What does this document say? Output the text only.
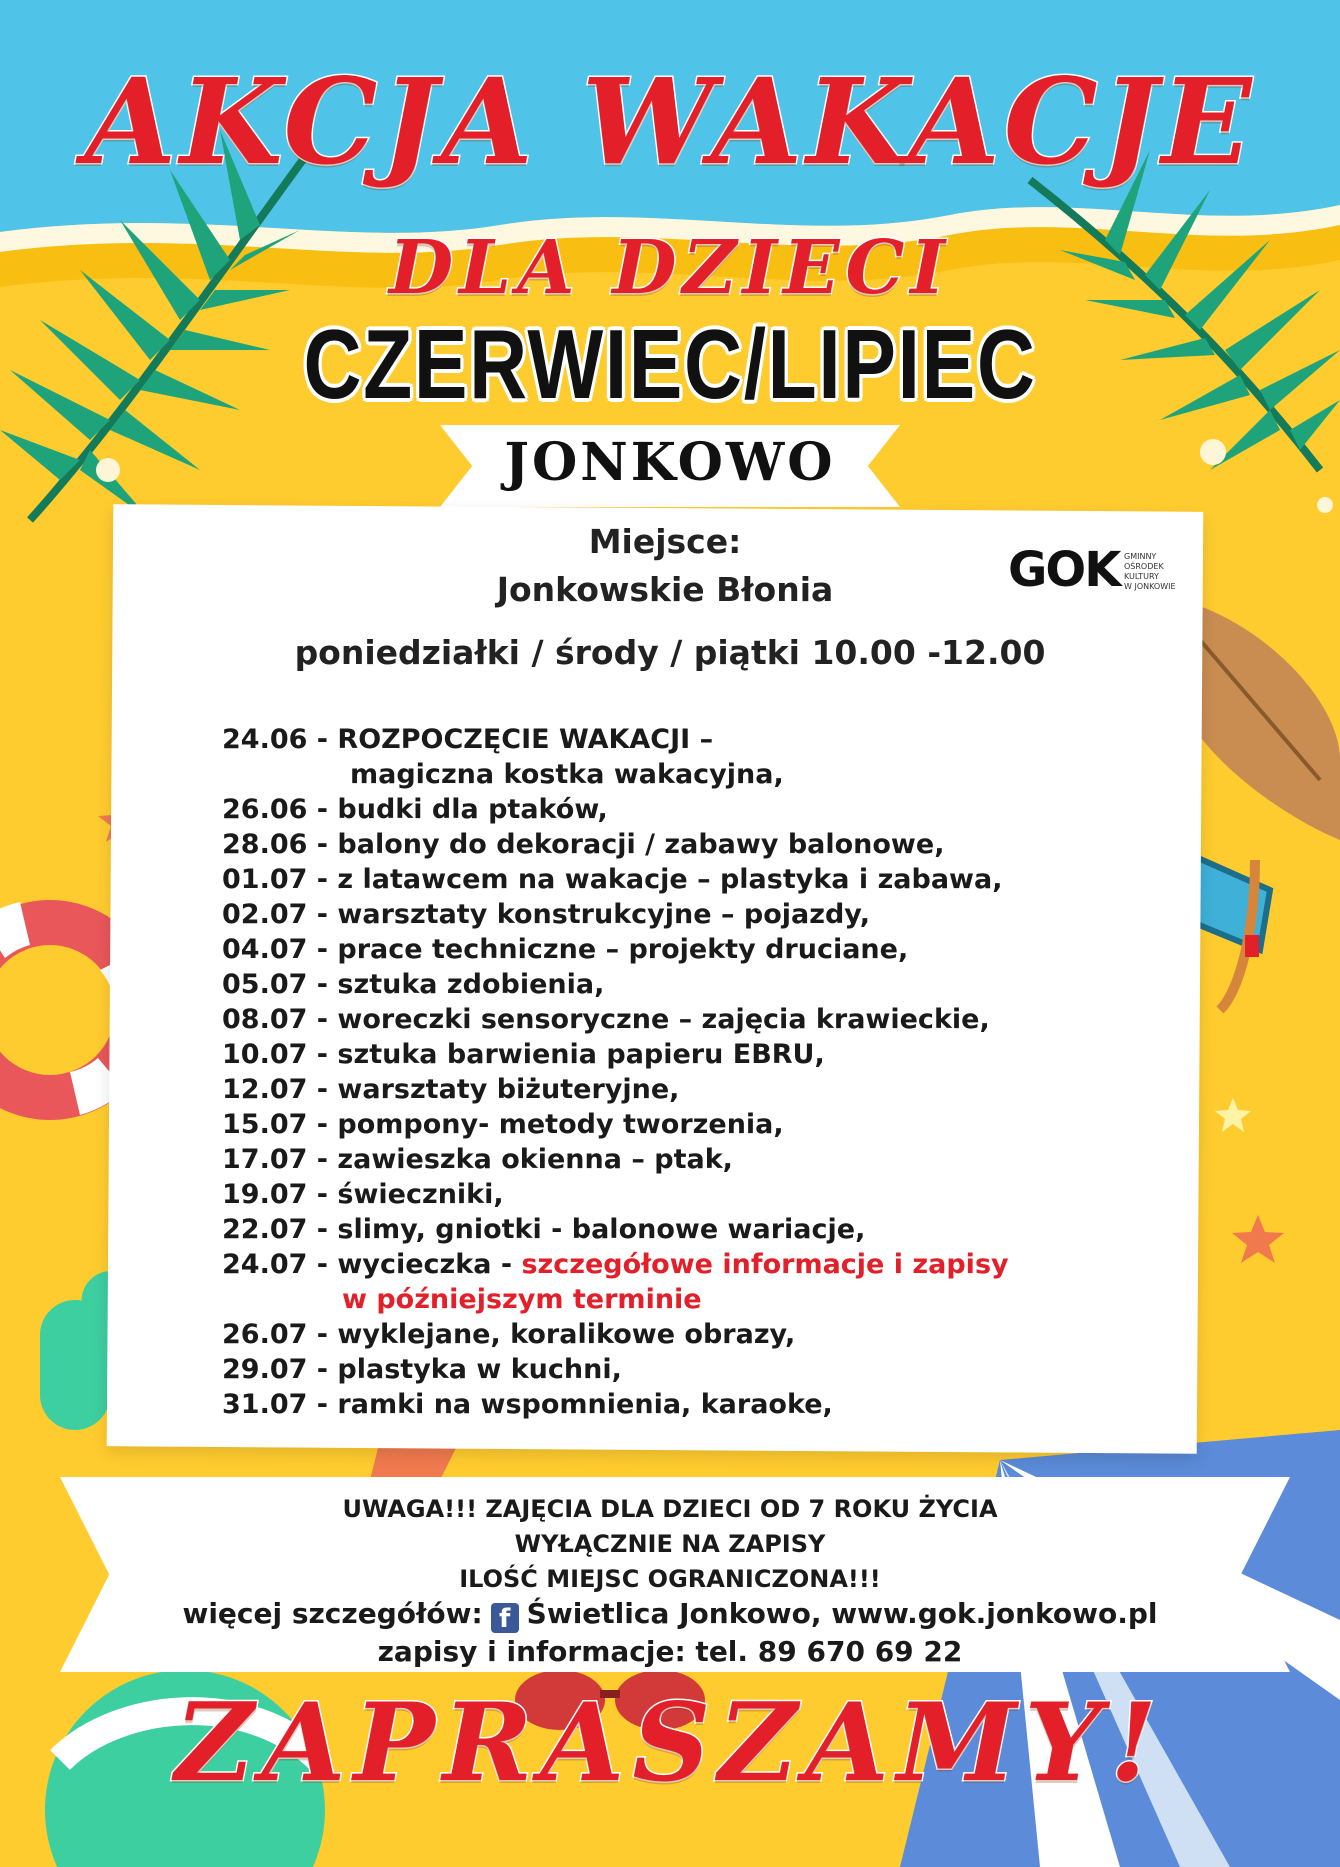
AKCJA WAKACJE
DLA DZIECI
CZERWIEC/LIPIEC
JONKOWO
Miejsce:
Jonkowskie Błonia	GOK GMINNY
OŚRODEK
KULTURY
W JONKOWIE
poniedziałki / środy / piątki 10.00 -12.00
24.06 - ROZPOCZĘCIE WAKACJI –
magiczna kostka wakacyjna,
26.06 - budki dla ptaków,
28.06 - balony do dekoracji / zabawy balonowe,
01.07 - z latawcem na wakacje – plastyka i zabawa,
02.07 - warsztaty konstrukcyjne – pojazdy,
04.07 - prace techniczne – projekty druciane,
05.07 - sztuka zdobienia,
08.07 - woreczki sensoryczne – zajęcia krawieckie,
10.07 - sztuka barwienia papieru EBRU,
12.07 - warsztaty biżuteryjne,
15.07 - pompony- metody tworzenia,
17.07 - zawieszka okienna – ptak,
19.07 - świeczniki,
22.07 - slimy, gniotki - balonowe wariacje,
24.07 - wycieczka - szczegółowe informacje i zapisy
w późniejszym terminie
26.07 - wyklejane, koralikowe obrazy,
29.07 - plastyka w kuchni,
31.07 - ramki na wspomnienia, karaoke,
UWAGA!!! ZAJĘCIA DLA DZIECI OD 7 ROKU ŻYCIA
WYŁĄCZNIE NA ZAPISY
ILOŚĆ MIEJSC OGRANICZONA!!!
więcej szczegółów: f Świetlica Jonkowo, www.gok.jonkowo.pl
zapisy i informacje: tel. 89 670 69 22
ZAPRASZAMY!
